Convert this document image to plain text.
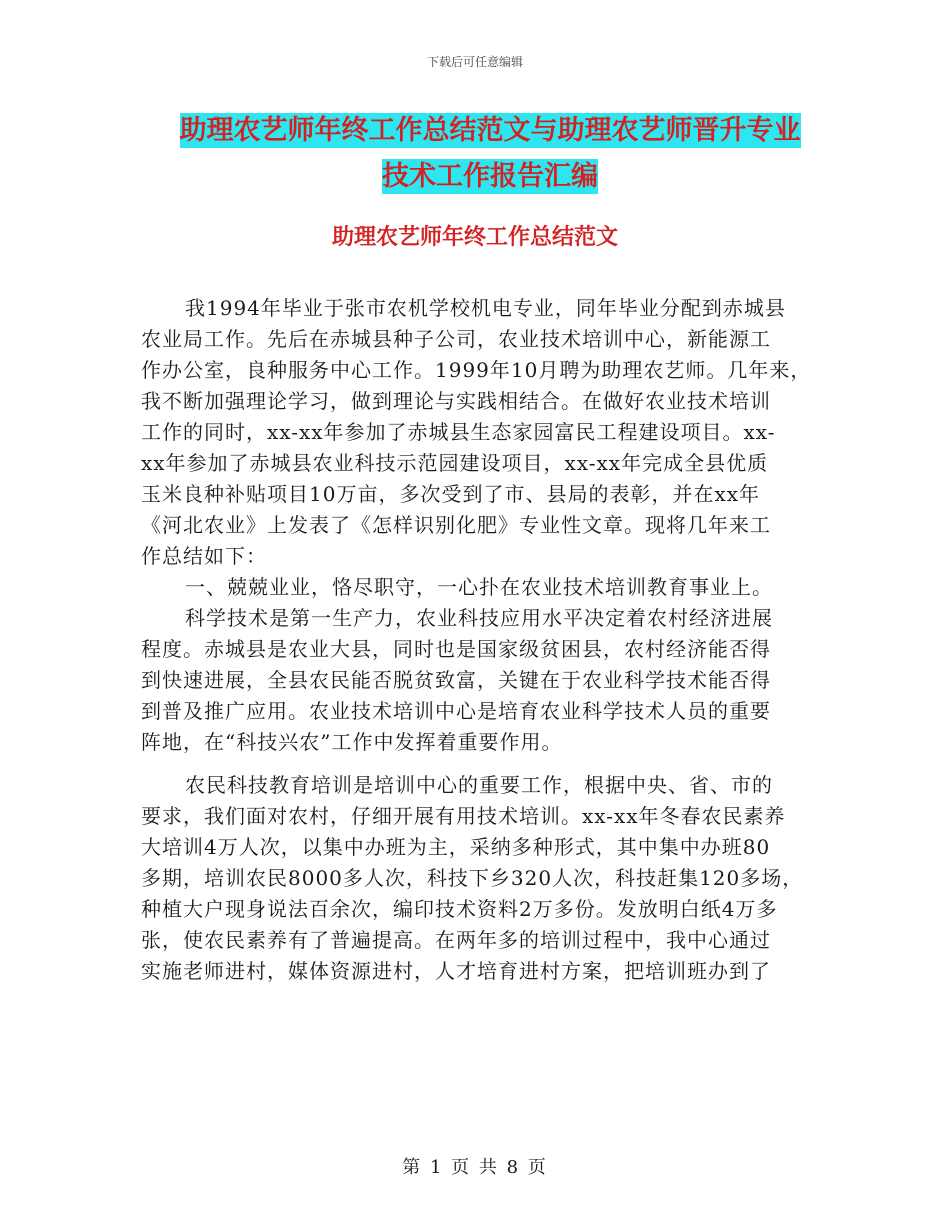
下载后可任意编辑
助理农艺师年终工作总结范文与助理农艺师晋升专业
技术工作报告汇编
助理农艺师年终工作总结范文
我1994年毕业于张市农机学校机电专业，同年毕业分配到赤城县
农业局工作。先后在赤城县种子公司，农业技术培训中心，新能源工
作办公室，良种服务中心工作。1999年10月聘为助理农艺师。几年来，
我不断加强理论学习，做到理论与实践相结合。在做好农业技术培训
工作的同时，xx-xx年参加了赤城县生态家园富民工程建设项目。xx-
xx年参加了赤城县农业科技示范园建设项目，xx-xx年完成全县优质
玉米良种补贴项目10万亩，多次受到了市、县局的表彰，并在xx年
《河北农业》上发表了《怎样识别化肥》专业性文章。现将几年来工
作总结如下：
一、兢兢业业，恪尽职守，一心扑在农业技术培训教育事业上。
科学技术是第一生产力，农业科技应用水平决定着农村经济进展
程度。赤城县是农业大县，同时也是国家级贫困县，农村经济能否得
到快速进展，全县农民能否脱贫致富，关键在于农业科学技术能否得
到普及推广应用。农业技术培训中心是培育农业科学技术人员的重要
阵地，在“科技兴农”工作中发挥着重要作用。
农民科技教育培训是培训中心的重要工作，根据中央、省、市的
要求，我们面对农村，仔细开展有用技术培训。xx-xx年冬春农民素养
大培训4万人次，以集中办班为主，采纳多种形式，其中集中办班80
多期，培训农民8000多人次，科技下乡320人次，科技赶集120多场，
种植大户现身说法百余次，编印技术资料2万多份。发放明白纸4万多
张，使农民素养有了普遍提高。在两年多的培训过程中，我中心通过
实施老师进村，媒体资源进村，人才培育进村方案，把培训班办到了
第 1 页 共 8 页
